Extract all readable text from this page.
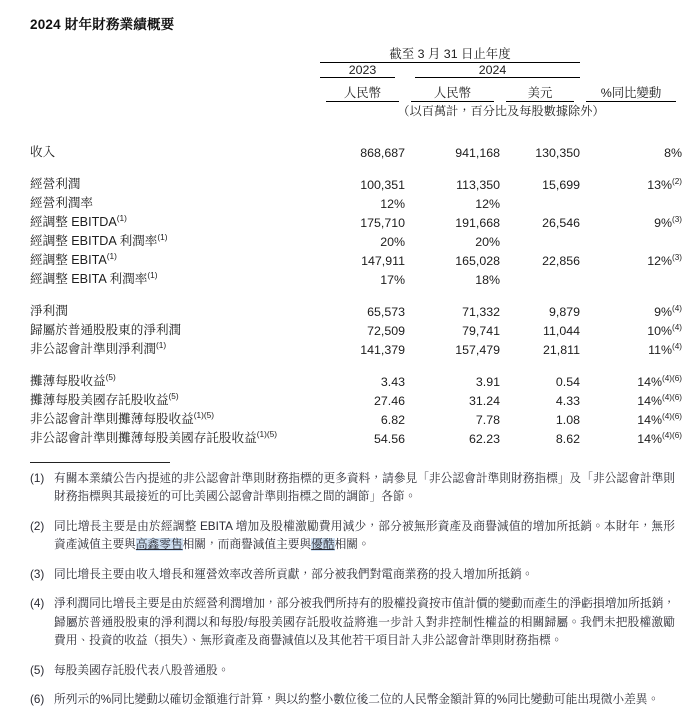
2024 財年財務業績概要
	截至 3 月 31 日止年度			

	2023	2024		

	人民幣	人民幣	美元	%同比變動

	（以百萬計，百分比及每股數據除外）			

收入	868,687	941,168	130,350	8%

經營利潤	100,351	113,350	15,699	13%$^{(2)}$
經營利潤率	12%	12%		
經調整 EBITDA$^{(1)}$	175,710	191,668	26,546	9%$^{(3)}$
經調整 EBITDA 利潤率$^{(1)}$	20%	20%		
經調整 EBITA$^{(1)}$	147,911	165,028	22,856	12%$^{(3)}$
經調整 EBITA 利潤率$^{(1)}$	17%	18%		

淨利潤	65,573	71,332	9,879	9%$^{(4)}$
歸屬於普通股股東的淨利潤	72,509	79,741	11,044	10%$^{(4)}$
非公認會計準則淨利潤$^{(1)}$	141,379	157,479	21,811	11%$^{(4)}$

攤薄每股收益$^{(5)}$	3.43	3.91	0.54	14%$^{(4)(6)}$
攤薄每股美國存託股收益$^{(5)}$	27.46	31.24	4.33	14%$^{(4)(6)}$
非公認會計準則攤薄每股收益$^{(1)(5)}$	6.82	7.78	1.08	14%$^{(4)(6)}$
非公認會計準則攤薄每股美國存託股收益$^{(1)(5)}$	54.56	62.23	8.62	14%$^{(4)(6)}$
(1) 有關本業績公告內提述的非公認會計準則財務指標的更多資料，請參見「非公認會計準則財務指標」及「非公認會計準則財務指標與其最接近的可比美國公認會計準則指標之間的調節」各節。
(2) 同比增長主要是由於經調整 EBITA 增加及股權激勵費用減少，部分被無形資產及商譽減值的增加所抵銷。本財年，無形資產減值主要與高鑫零售相關，而商譽減值主要與優酷相關。
(3) 同比增長主要由收入增長和運營效率改善所貢獻，部分被我們對電商業務的投入增加所抵銷。
(4) 淨利潤同比增長主要是由於經營利潤增加，部分被我們所持有的股權投資按市值計價的變動而產生的淨虧損增加所抵銷，歸屬於普通股股東的淨利潤以和每股/每股美國存託股收益將進一步計入對非控制性權益的相關歸屬。我們未把股權激勵費用、投資的收益（損失）、無形資產及商譽減值以及其他若干項目計入非公認會計準則財務指標。
(5) 每股美國存託股代表八股普通股。
(6) 所列示的%同比變動以確切金額進行計算，與以約整小數位後二位的人民幣金額計算的%同比變動可能出現微小差異。
